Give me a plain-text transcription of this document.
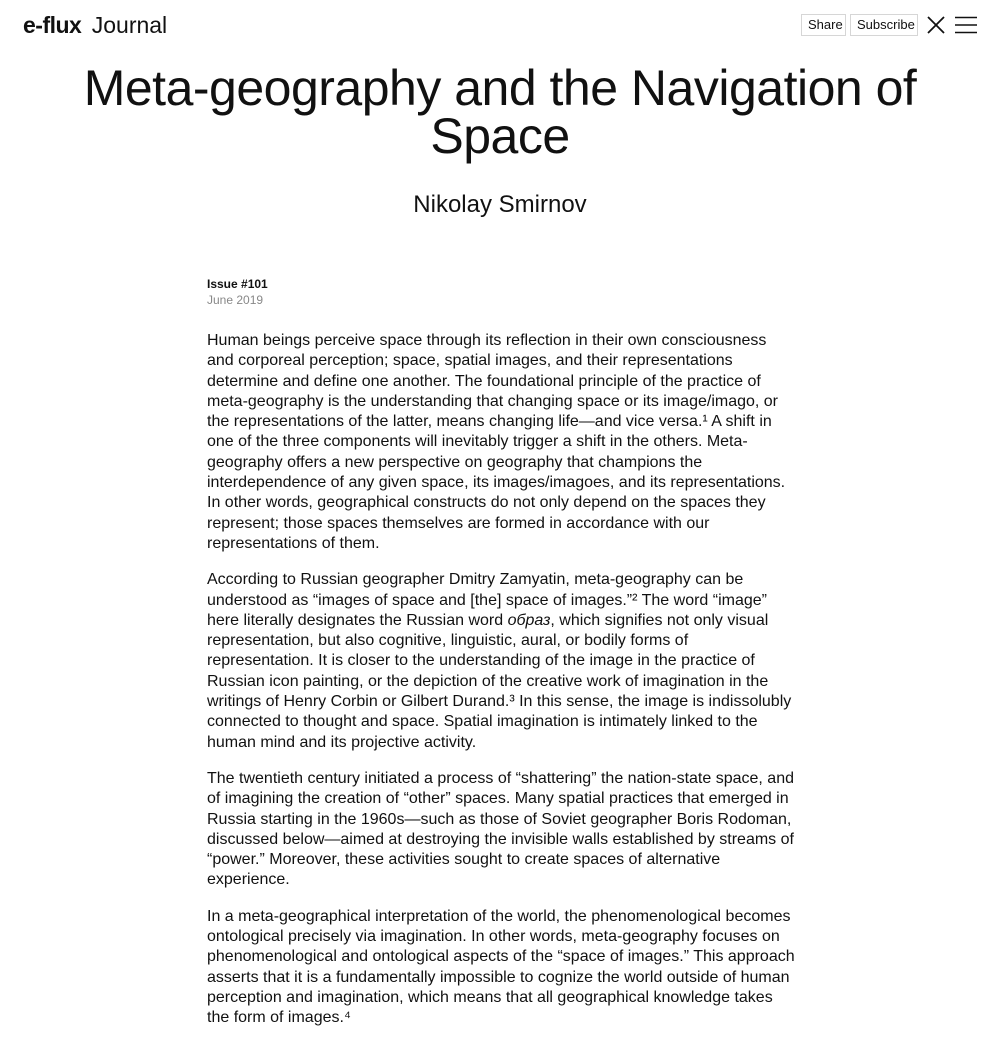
e-flux Journal	Share	Subscribe
Meta-geography and the Navigation of Space
Nikolay Smirnov
Issue #101
June 2019

Human beings perceive space through its reflection in their own consciousness and corporeal perception; space, spatial images, and their representations determine and define one another. The foundational principle of the practice of meta-geography is the understanding that changing space or its image/imago, or the representations of the latter, means changing life—and vice versa.¹ A shift in one of the three components will inevitably trigger a shift in the others. Meta-geography offers a new perspective on geography that champions the interdependence of any given space, its images/imagoes, and its representations. In other words, geographical constructs do not only depend on the spaces they represent; those spaces themselves are formed in accordance with our representations of them.

According to Russian geographer Dmitry Zamyatin, meta-geography can be understood as “images of space and [the] space of images.”² The word “image” here literally designates the Russian word образ, which signifies not only visual representation, but also cognitive, linguistic, aural, or bodily forms of representation. It is closer to the understanding of the image in the practice of Russian icon painting, or the depiction of the creative work of imagination in the writings of Henry Corbin or Gilbert Durand.³ In this sense, the image is indissolubly connected to thought and space. Spatial imagination is intimately linked to the human mind and its projective activity.

The twentieth century initiated a process of “shattering” the nation-state space, and of imagining the creation of “other” spaces. Many spatial practices that emerged in Russia starting in the 1960s—such as those of Soviet geographer Boris Rodoman, discussed below—aimed at destroying the invisible walls established by streams of “power.” Moreover, these activities sought to create spaces of alternative experience.

In a meta-geographical interpretation of the world, the phenomenological becomes ontological precisely via imagination. In other words, meta-geography focuses on phenomenological and ontological aspects of the “space of images.” This approach asserts that it is a fundamentally impossible to cognize the world outside of human perception and imagination, which means that all geographical knowledge takes the form of images.⁴
